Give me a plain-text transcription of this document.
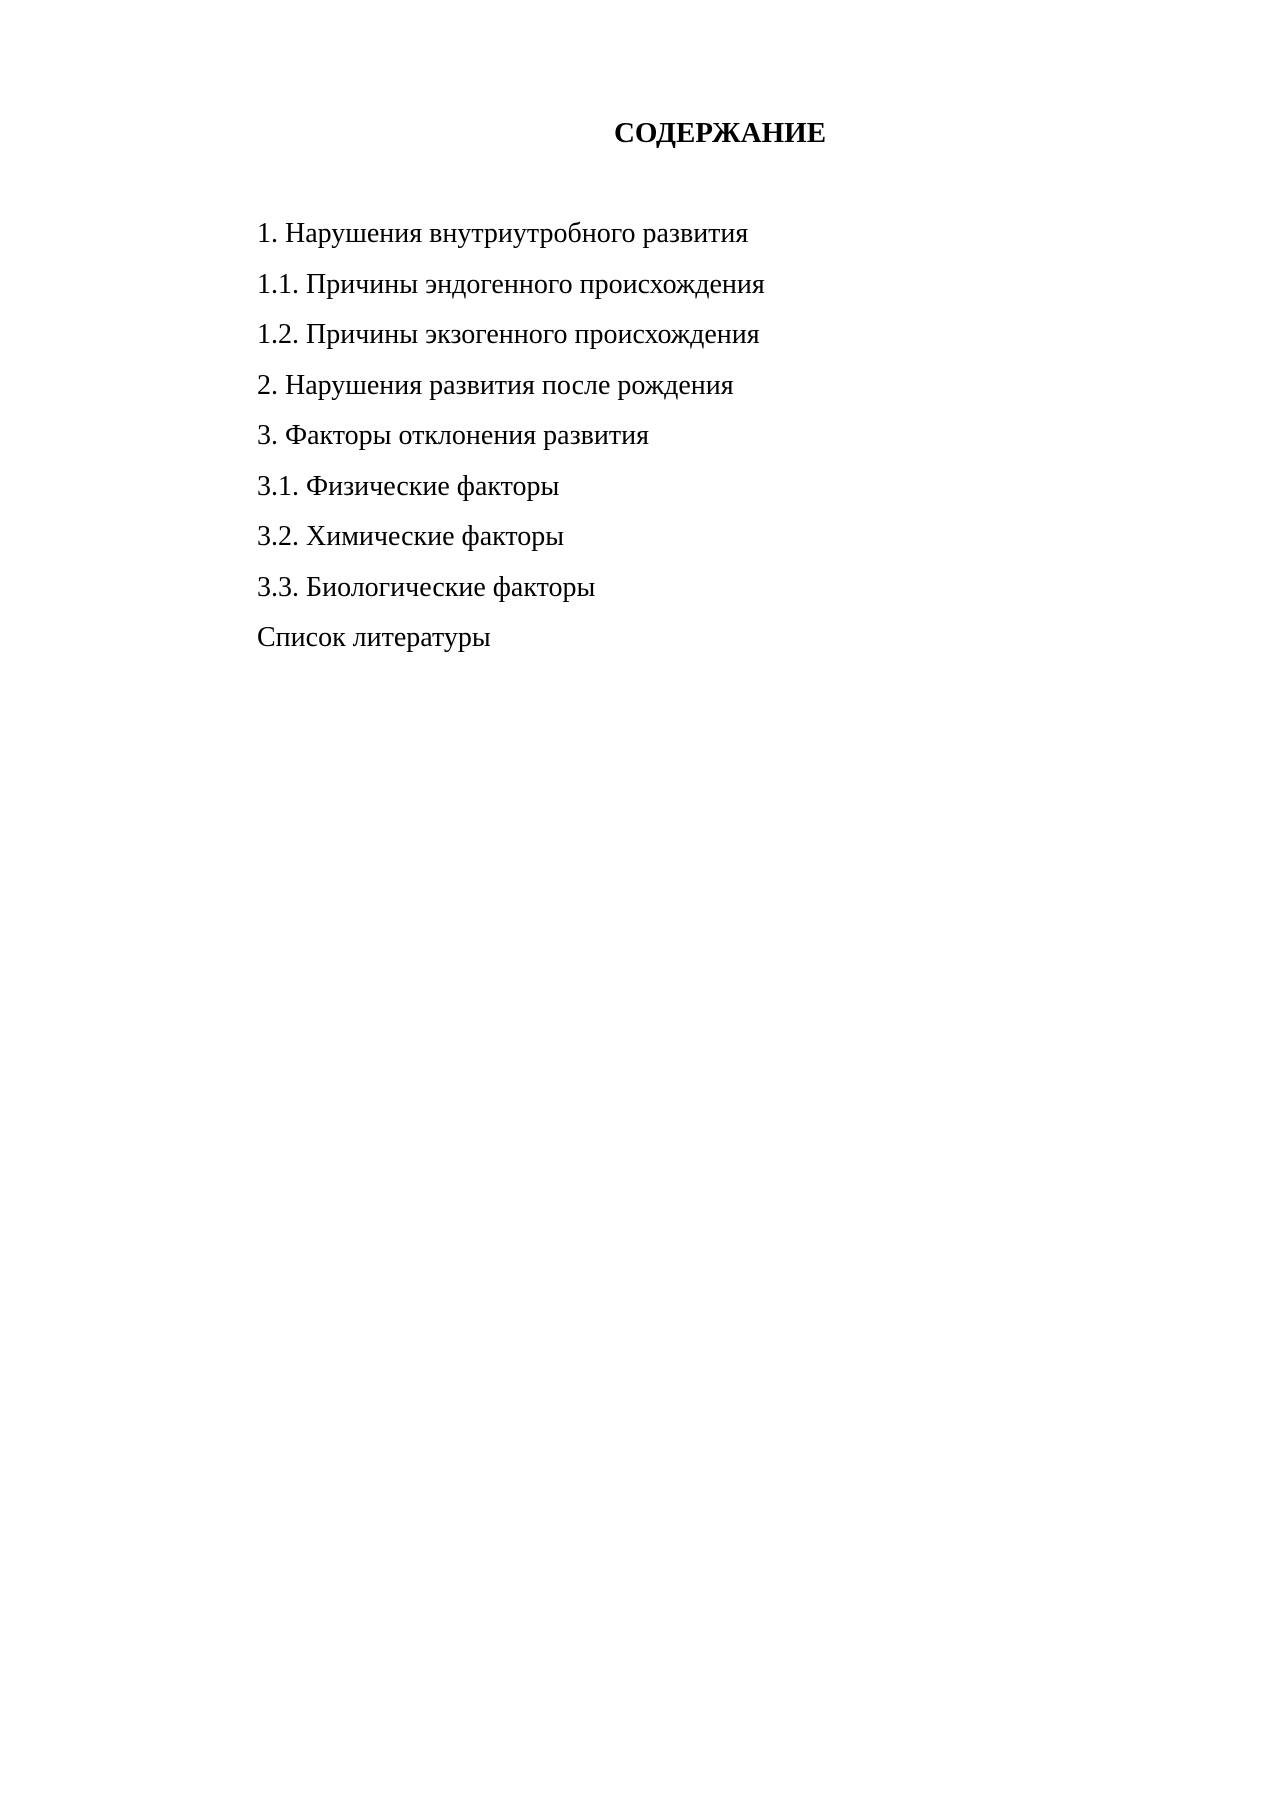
СОДЕРЖАНИЕ
1. Нарушения внутриутробного развития
1.1. Причины эндогенного происхождения
1.2. Причины экзогенного происхождения
2. Нарушения развития после рождения
3. Факторы отклонения развития
3.1. Физические факторы
3.2. Химические факторы
3.3. Биологические факторы
Список литературы
